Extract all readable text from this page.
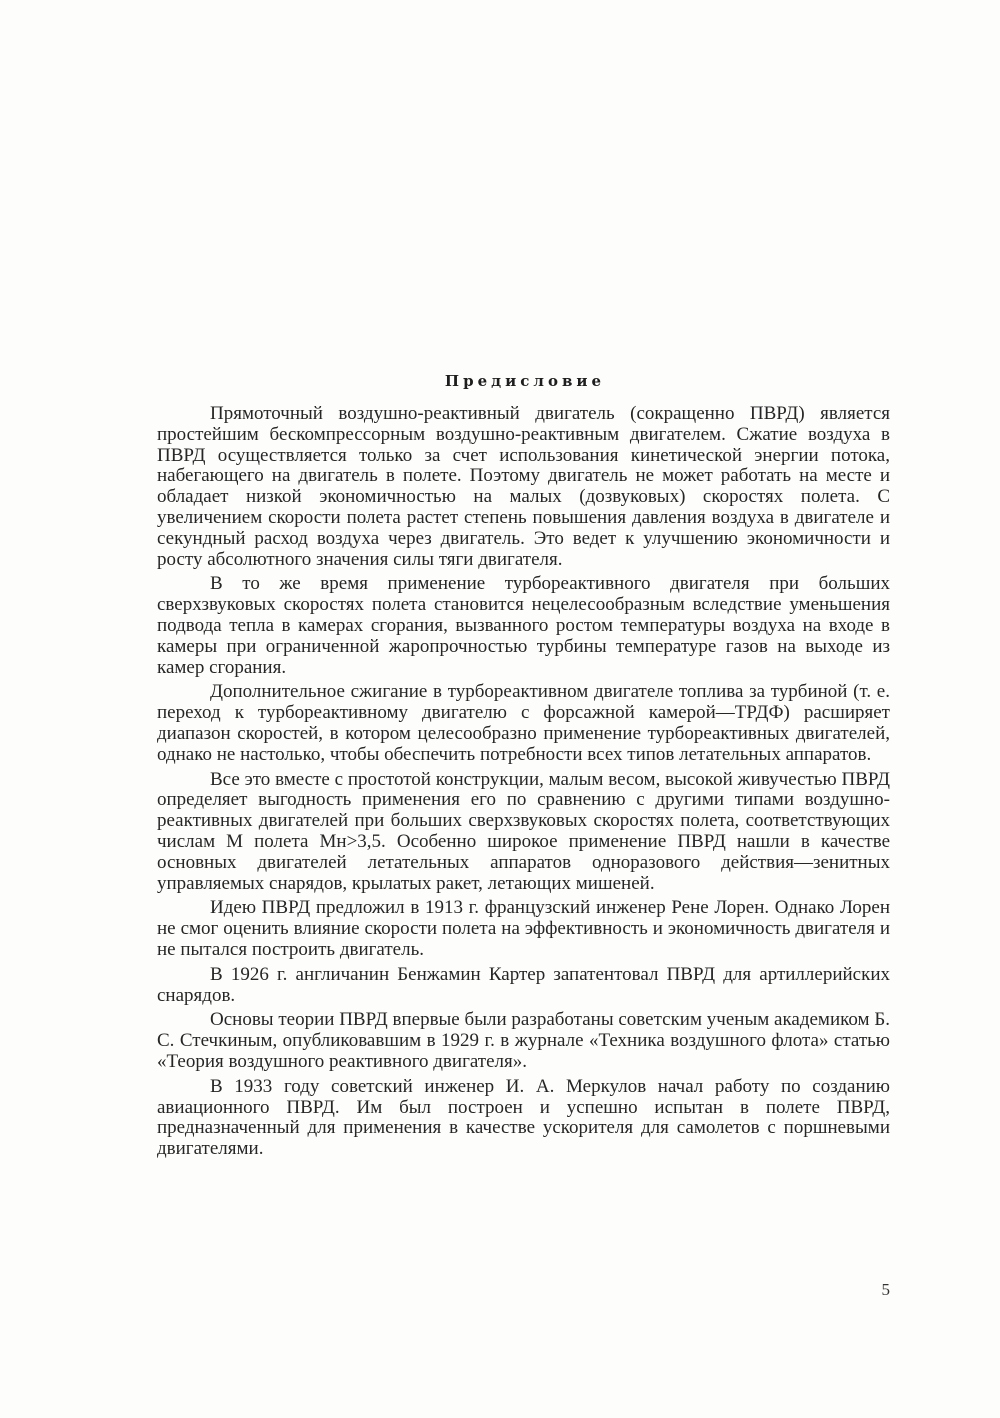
Предисловие

Прямоточный воздушно-реактивный двигатель (сокращенно ПВРД) является простейшим бескомпрессорным воздушно-реактивным двигателем. Сжатие воздуха в ПВРД осуществляется только за счет использования кинетической энергии потока, набегающего на двигатель в полете. Поэтому двигатель не может работать на месте и обладает низкой экономичностью на малых (дозвуковых) скоростях полета. С увеличением скорости полета растет степень повышения давления воздуха в двигателе и секундный расход воздуха через двигатель. Это ведет к улучшению экономичности и росту абсолютного значения силы тяги двигателя.

В то же время применение турбореактивного двигателя при больших сверхзвуковых скоростях полета становится нецелесообразным вследствие уменьшения подвода тепла в камерах сгорания, вызванного ростом температуры воздуха на входе в камеры при ограниченной жаропрочностью турбины температуре газов на выходе из камер сгорания.

Дополнительное сжигание в турбореактивном двигателе топлива за турбиной (т. е. переход к турбореактивному двигателю с форсажной камерой—ТРДФ) расширяет диапазон скоростей, в котором целесообразно применение турбореактивных двигателей, однако не настолько, чтобы обеспечить потребности всех типов летательных аппаратов.

Все это вместе с простотой конструкции, малым весом, высокой живучестью ПВРД определяет выгодность применения его по сравнению с другими типами воздушно-реактивных двигателей при больших сверхзвуковых скоростях полета, соответствующих числам М полета Мн>3,5. Особенно широкое применение ПВРД нашли в качестве основных двигателей летательных аппаратов одноразового действия—зенитных управляемых снарядов, крылатых ракет, летающих мишеней.

Идею ПВРД предложил в 1913 г. французский инженер Рене Лорен. Однако Лорен не смог оценить влияние скорости полета на эффективность и экономичность двигателя и не пытался построить двигатель.

В 1926 г. англичанин Бенжамин Картер запатентовал ПВРД для артиллерийских снарядов.

Основы теории ПВРД впервые были разработаны советским ученым академиком Б. С. Стечкиным, опубликовавшим в 1929 г. в журнале «Техника воздушного флота» статью «Теория воздушного реактивного двигателя».

В 1933 году советский инженер И. А. Меркулов начал работу по созданию авиационного ПВРД. Им был построен и успешно испытан в полете ПВРД, предназначенный для применения в качестве ускорителя для самолетов с поршневыми двигателями.

5
